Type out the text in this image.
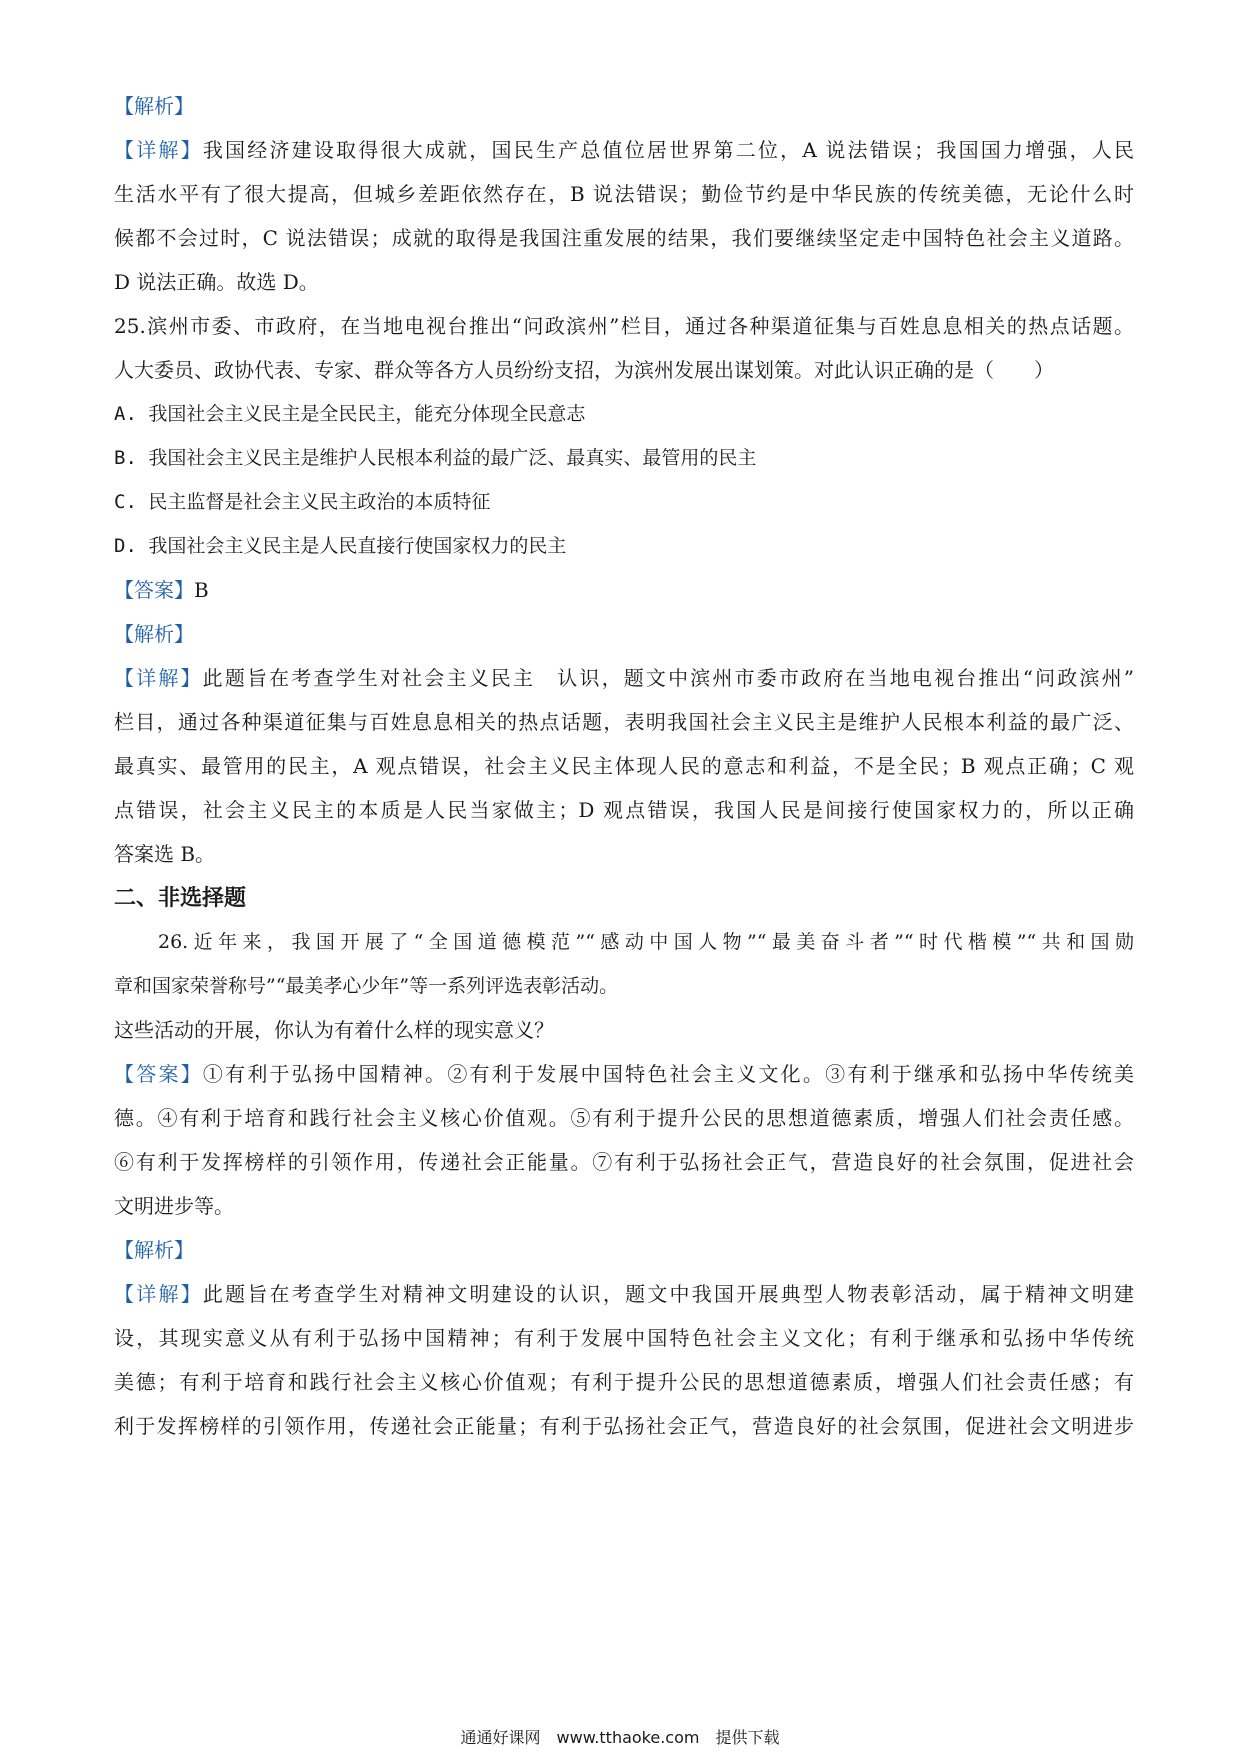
【解析】
【详解】我国经济建设取得很大成就，国民生产总值位居世界第二位，A 说法错误；我国国力增强，人民
生活水平有了很大提高，但城乡差距依然存在，B 说法错误；勤俭节约是中华民族的传统美德，无论什么时
候都不会过时，C 说法错误；成就的取得是我国注重发展的结果，我们要继续坚定走中国特色社会主义道路。
D 说法正确。故选 D。
25.滨州市委、市政府，在当地电视台推出“问政滨州”栏目，通过各种渠道征集与百姓息息相关的热点话题。
人大委员、政协代表、专家、群众等各方人员纷纷支招，为滨州发展出谋划策。对此认识正确的是（　　）
A. 我国社会主义民主是全民民主，能充分体现全民意志
B. 我国社会主义民主是维护人民根本利益的最广泛、最真实、最管用的民主
C. 民主监督是社会主义民主政治的本质特征
D. 我国社会主义民主是人民直接行使国家权力的民主
【答案】B
【解析】
【详解】此题旨在考查学生对社会主义民主　认识，题文中滨州市委市政府在当地电视台推出“问政滨州”
栏目，通过各种渠道征集与百姓息息相关的热点话题，表明我国社会主义民主是维护人民根本利益的最广泛、
最真实、最管用的民主，A 观点错误，社会主义民主体现人民的意志和利益，不是全民；B 观点正确；C 观
点错误，社会主义民主的本质是人民当家做主；D 观点错误，我国人民是间接行使国家权力的，所以正确
答案选 B。
二、非选择题
26.近年来，我国开展了“全国道德模范”“感动中国人物”“最美奋斗者”“时代楷模”“共和国勋
章和国家荣誉称号”“最美孝心少年”等一系列评选表彰活动。
这些活动的开展，你认为有着什么样的现实意义？
【答案】①有利于弘扬中国精神。②有利于发展中国特色社会主义文化。③有利于继承和弘扬中华传统美
德。④有利于培育和践行社会主义核心价值观。⑤有利于提升公民的思想道德素质，增强人们社会责任感。
⑥有利于发挥榜样的引领作用，传递社会正能量。⑦有利于弘扬社会正气，营造良好的社会氛围，促进社会
文明进步等。
【解析】
【详解】此题旨在考查学生对精神文明建设的认识，题文中我国开展典型人物表彰活动，属于精神文明建
设，其现实意义从有利于弘扬中国精神；有利于发展中国特色社会主义文化；有利于继承和弘扬中华传统
美德；有利于培育和践行社会主义核心价值观；有利于提升公民的思想道德素质，增强人们社会责任感；有
利于发挥榜样的引领作用，传递社会正能量；有利于弘扬社会正气，营造良好的社会氛围，促进社会文明进步
通通好课网　www.tthaoke.com　提供下载
